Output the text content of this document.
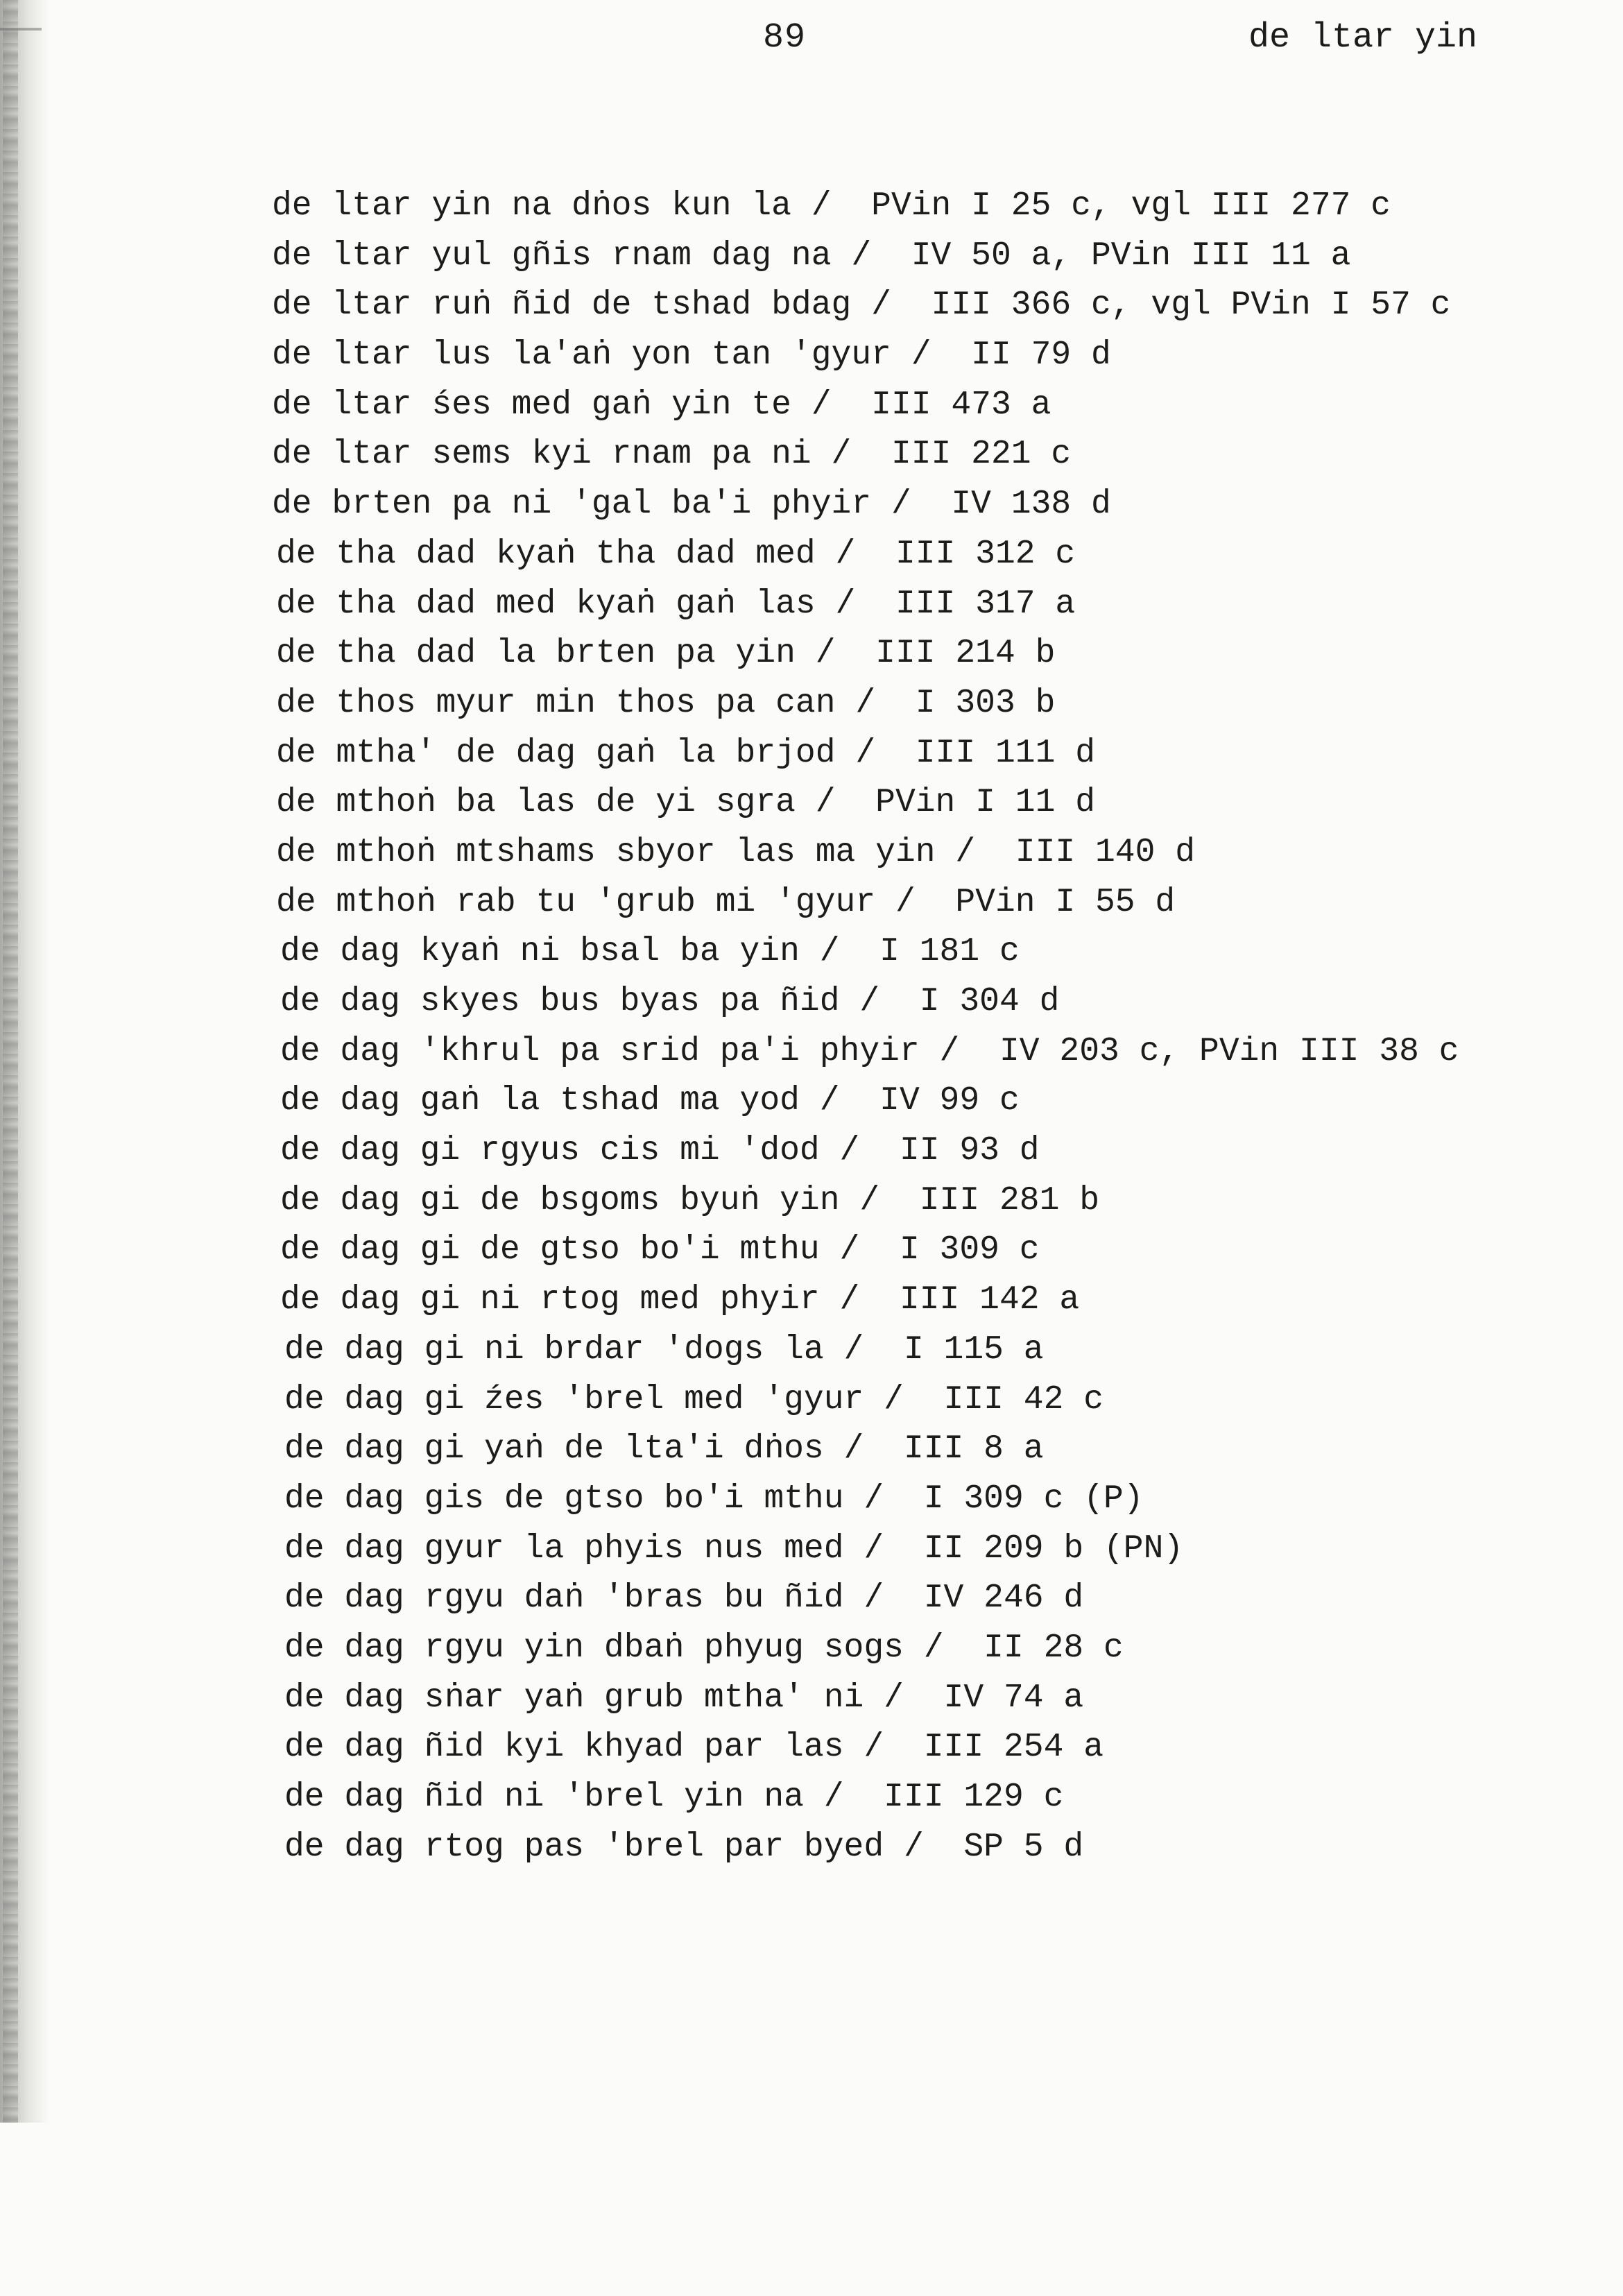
89	de ltar yin
de ltar yin na dṅos kun la /  PVin I 25 c, vgl III 277 c
de ltar yul gñis rnam dag na /  IV 50 a, PVin III 11 a
de ltar ruṅ ñid de tshad bdag /  III 366 c, vgl PVin I 57 c
de ltar lus la'aṅ yon tan 'gyur /  II 79 d
de ltar śes med gaṅ yin te /  III 473 a
de ltar sems kyi rnam pa ni /  III 221 c
de brten pa ni 'gal ba'i phyir /  IV 138 d
de tha dad kyaṅ tha dad med /  III 312 c
de tha dad med kyaṅ gaṅ las /  III 317 a
de tha dad la brten pa yin /  III 214 b
de thos myur min thos pa can /  I 303 b
de mtha' de dag gaṅ la brjod /  III 111 d
de mthoṅ ba las de yi sgra /  PVin I 11 d
de mthoṅ mtshams sbyor las ma yin /  III 140 d
de mthoṅ rab tu 'grub mi 'gyur /  PVin I 55 d
de dag kyaṅ ni bsal ba yin /  I 181 c
de dag skyes bus byas pa ñid /  I 304 d
de dag 'khrul pa srid pa'i phyir /  IV 203 c, PVin III 38 c
de dag gaṅ la tshad ma yod /  IV 99 c
de dag gi rgyus cis mi 'dod /  II 93 d
de dag gi de bsgoms byuṅ yin /  III 281 b
de dag gi de gtso bo'i mthu /  I 309 c
de dag gi ni rtog med phyir /  III 142 a
de dag gi ni brdar 'dogs la /  I 115 a
de dag gi źes 'brel med 'gyur /  III 42 c
de dag gi yaṅ de lta'i dṅos /  III 8 a
de dag gis de gtso bo'i mthu /  I 309 c (P)
de dag gyur la phyis nus med /  II 209 b (PN)
de dag rgyu daṅ 'bras bu ñid /  IV 246 d
de dag rgyu yin dbaṅ phyug sogs /  II 28 c
de dag sṅar yaṅ grub mtha' ni /  IV 74 a
de dag ñid kyi khyad par las /  III 254 a
de dag ñid ni 'brel yin na /  III 129 c
de dag rtog pas 'brel par byed /  SP 5 d
